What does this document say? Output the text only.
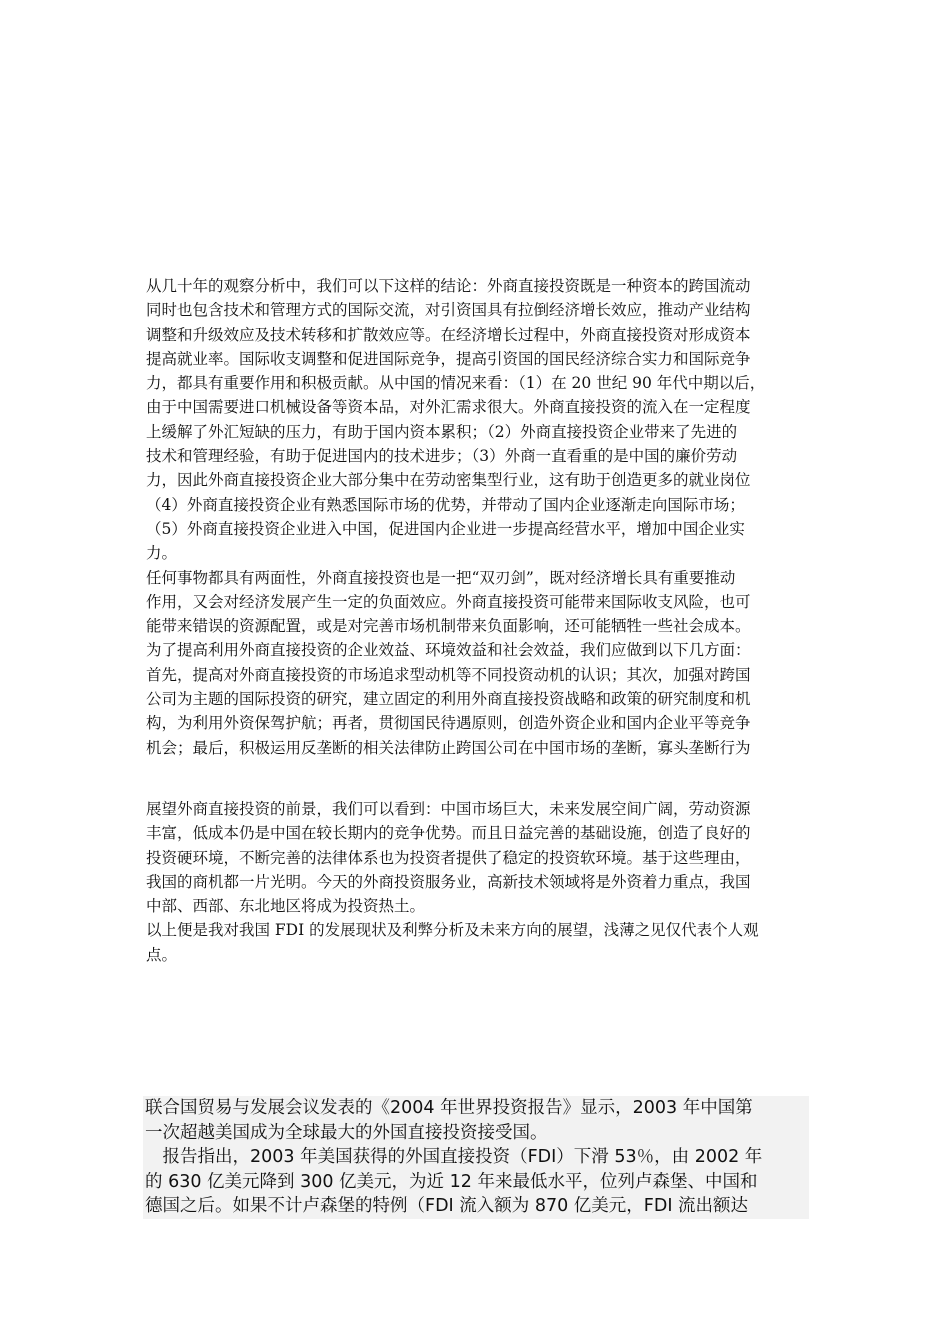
从几十年的观察分析中，我们可以下这样的结论：外商直接投资既是一种资本的跨国流动
同时也包含技术和管理方式的国际交流，对引资国具有拉倒经济增长效应，推动产业结构
调整和升级效应及技术转移和扩散效应等。在经济增长过程中，外商直接投资对形成资本
提高就业率。国际收支调整和促进国际竞争，提高引资国的国民经济综合实力和国际竞争
力，都具有重要作用和积极贡献。从中国的情况来看：（1）在 20 世纪 90 年代中期以后，
由于中国需要进口机械设备等资本品，对外汇需求很大。外商直接投资的流入在一定程度
上缓解了外汇短缺的压力，有助于国内资本累积；（2）外商直接投资企业带来了先进的
技术和管理经验，有助于促进国内的技术进步；（3）外商一直看重的是中国的廉价劳动
力，因此外商直接投资企业大部分集中在劳动密集型行业，这有助于创造更多的就业岗位
（4）外商直接投资企业有熟悉国际市场的优势，并带动了国内企业逐渐走向国际市场；
（5）外商直接投资企业进入中国，促进国内企业进一步提高经营水平，增加中国企业实
力。
任何事物都具有两面性，外商直接投资也是一把“双刃剑”，既对经济增长具有重要推动
作用，又会对经济发展产生一定的负面效应。外商直接投资可能带来国际收支风险，也可
能带来错误的资源配置，或是对完善市场机制带来负面影响，还可能牺牲一些社会成本。
为了提高利用外商直接投资的企业效益、环境效益和社会效益，我们应做到以下几方面：
首先，提高对外商直接投资的市场追求型动机等不同投资动机的认识；其次，加强对跨国
公司为主题的国际投资的研究，建立固定的利用外商直接投资战略和政策的研究制度和机
构，为利用外资保驾护航；再者，贯彻国民待遇原则，创造外资企业和国内企业平等竞争
机会；最后，积极运用反垄断的相关法律防止跨国公司在中国市场的垄断，寡头垄断行为
展望外商直接投资的前景，我们可以看到：中国市场巨大，未来发展空间广阔，劳动资源
丰富，低成本仍是中国在较长期内的竞争优势。而且日益完善的基础设施，创造了良好的
投资硬环境，不断完善的法律体系也为投资者提供了稳定的投资软环境。基于这些理由，
我国的商机都一片光明。今天的外商投资服务业，高新技术领域将是外资着力重点，我国
中部、西部、东北地区将成为投资热土。
以上便是我对我国 FDI 的发展现状及利弊分析及未来方向的展望，浅薄之见仅代表个人观
点。
联合国贸易与发展会议发表的《2004 年世界投资报告》显示，2003 年中国第
一次超越美国成为全球最大的外国直接投资接受国。
　报告指出，2003 年美国获得的外国直接投资（FDI）下滑 53％，由 2002 年
的 630 亿美元降到 300 亿美元，为近 12 年来最低水平，位列卢森堡、中国和
德国之后。如果不计卢森堡的特例（FDI 流入额为 870 亿美元，FDI 流出额达
